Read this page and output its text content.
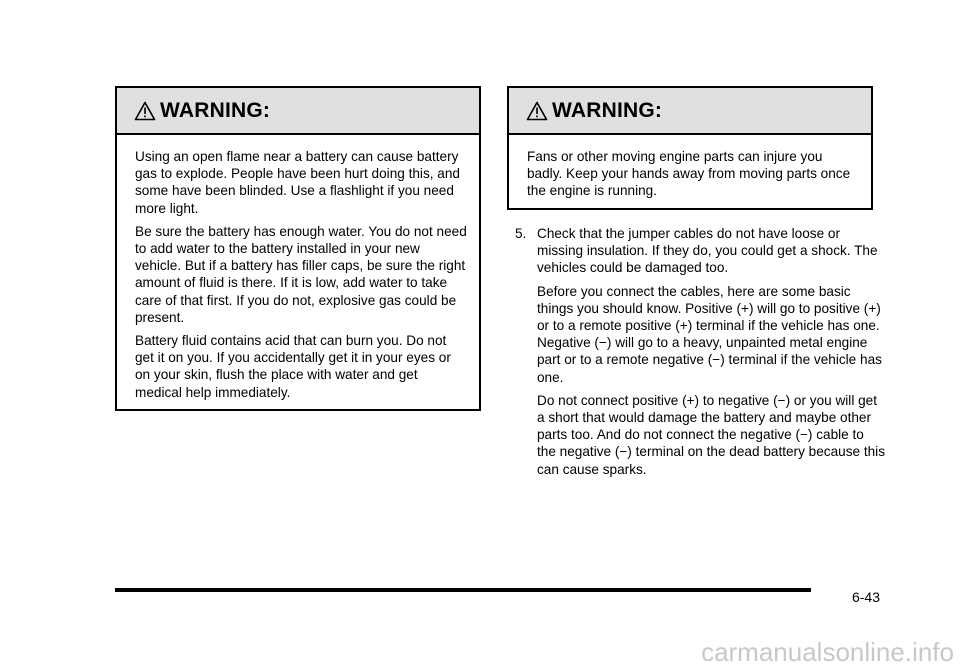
WARNING:

Using an open flame near a battery can cause battery gas to explode. People have been hurt doing this, and some have been blinded. Use a flashlight if you need more light.

Be sure the battery has enough water. You do not need to add water to the battery installed in your new vehicle. But if a battery has filler caps, be sure the right amount of fluid is there. If it is low, add water to take care of that first. If you do not, explosive gas could be present.

Battery fluid contains acid that can burn you. Do not get it on you. If you accidentally get it in your eyes or on your skin, flush the place with water and get medical help immediately.

WARNING:

Fans or other moving engine parts can injure you badly. Keep your hands away from moving parts once the engine is running.

5. Check that the jumper cables do not have loose or missing insulation. If they do, you could get a shock. The vehicles could be damaged too.

Before you connect the cables, here are some basic things you should know. Positive (+) will go to positive (+) or to a remote positive (+) terminal if the vehicle has one. Negative (−) will go to a heavy, unpainted metal engine part or to a remote negative (−) terminal if the vehicle has one.

Do not connect positive (+) to negative (−) or you will get a short that would damage the battery and maybe other parts too. And do not connect the negative (−) cable to the negative (−) terminal on the dead battery because this can cause sparks.

6-43
carmanualsonline.info
